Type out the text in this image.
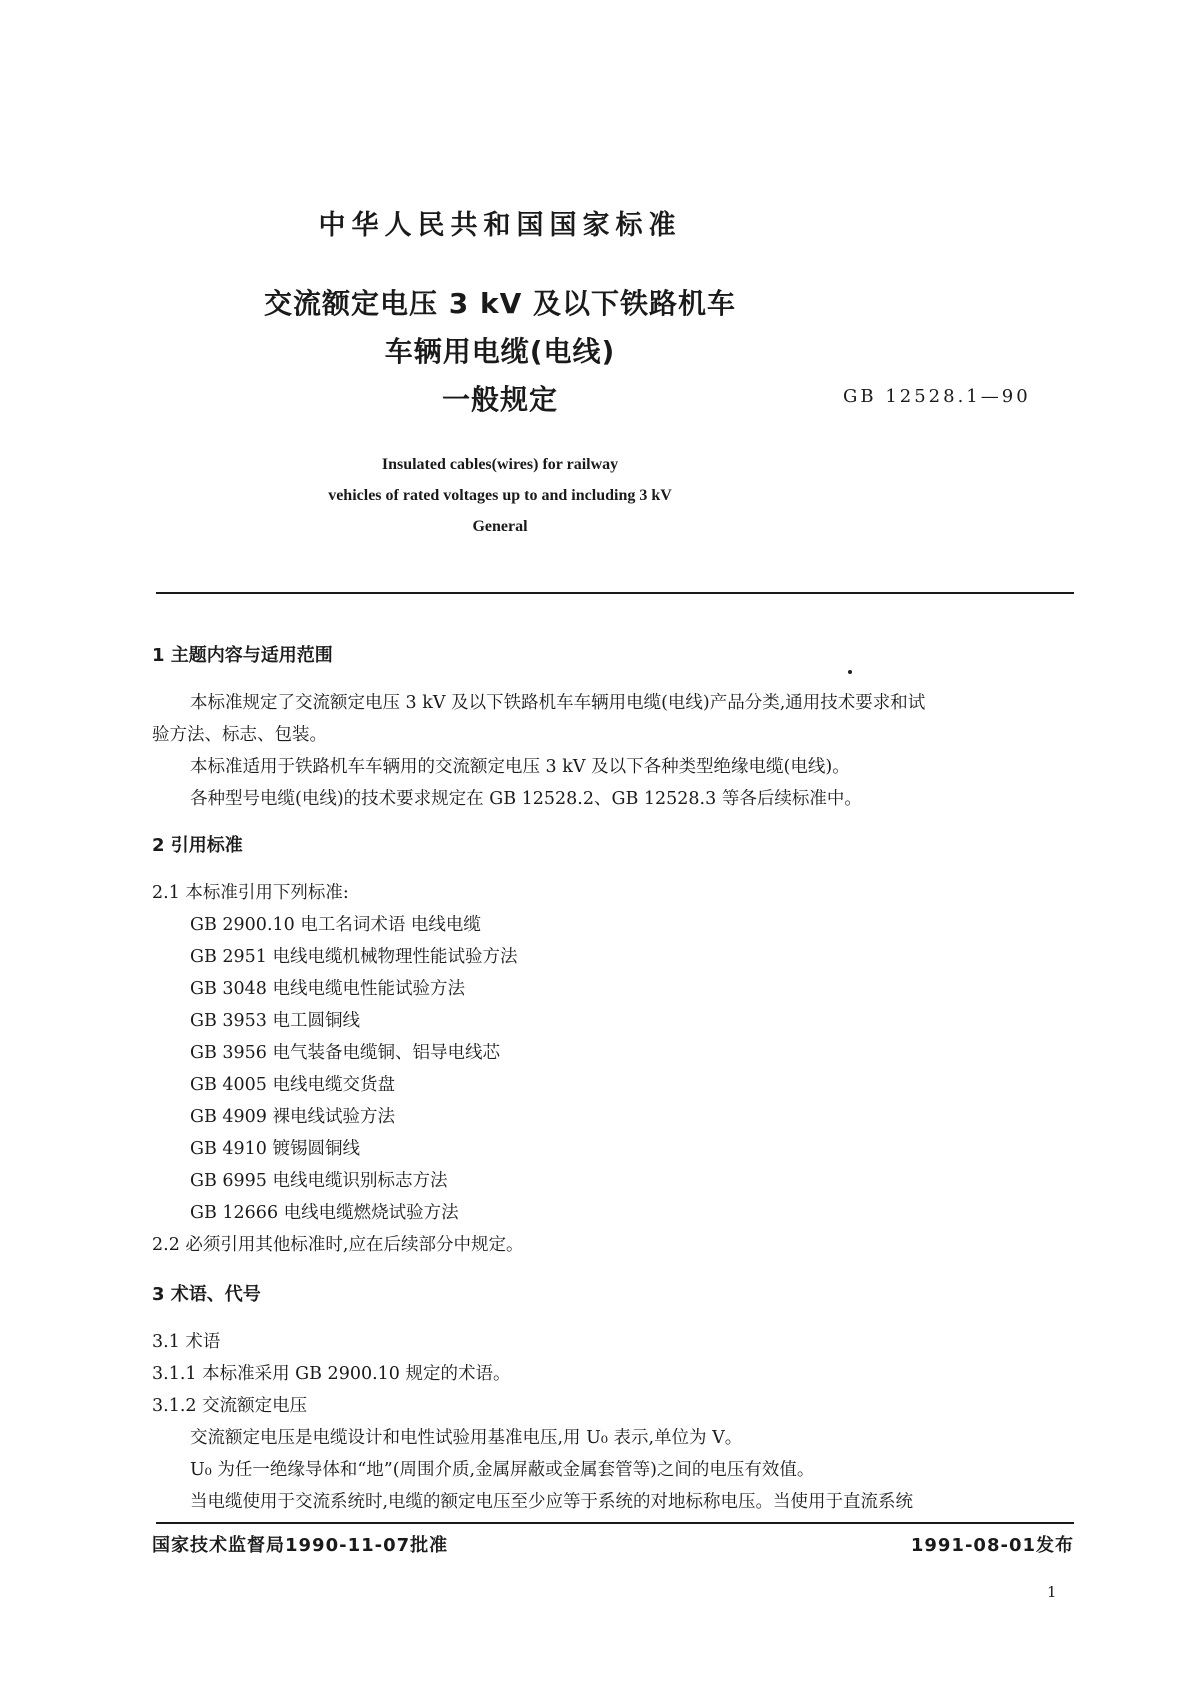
中华人民共和国国家标准
交流额定电压 3 kV 及以下铁路机车
车辆用电缆(电线)
一般规定	GB 12528.1—90
Insulated cables(wires) for railway
vehicles of rated voltages up to and including 3 kV
General
1 主题内容与适用范围
本标准规定了交流额定电压 3 kV 及以下铁路机车车辆用电缆(电线)产品分类,通用技术要求和试
验方法、标志、包装。
本标准适用于铁路机车车辆用的交流额定电压 3 kV 及以下各种类型绝缘电缆(电线)。
各种型号电缆(电线)的技术要求规定在 GB 12528.2、GB 12528.3 等各后续标准中。
2 引用标准
2.1 本标准引用下列标准:
GB 2900.10 电工名词术语 电线电缆
GB 2951 电线电缆机械物理性能试验方法
GB 3048 电线电缆电性能试验方法
GB 3953 电工圆铜线
GB 3956 电气装备电缆铜、铝导电线芯
GB 4005 电线电缆交货盘
GB 4909 裸电线试验方法
GB 4910 镀锡圆铜线
GB 6995 电线电缆识别标志方法
GB 12666 电线电缆燃烧试验方法
2.2 必须引用其他标准时,应在后续部分中规定。
3 术语、代号
3.1 术语
3.1.1 本标准采用 GB 2900.10 规定的术语。
3.1.2 交流额定电压
交流额定电压是电缆设计和电性试验用基准电压,用 U₀ 表示,单位为 V。
U₀ 为任一绝缘导体和“地”(周围介质,金属屏蔽或金属套管等)之间的电压有效值。
当电缆使用于交流系统时,电缆的额定电压至少应等于系统的对地标称电压。当使用于直流系统
国家技术监督局1990-11-07批准	1991-08-01发布
1
